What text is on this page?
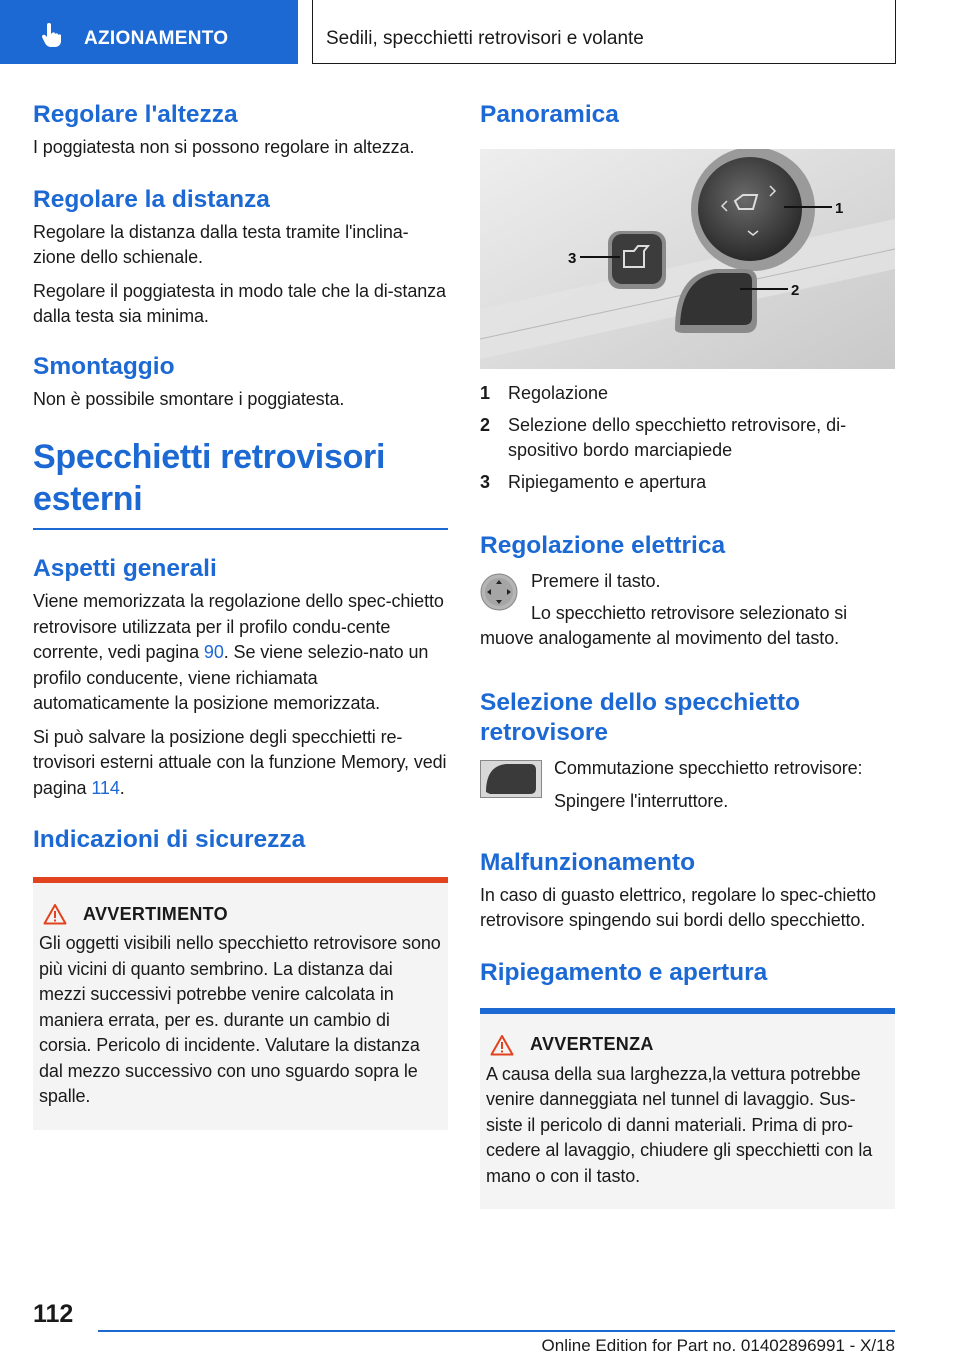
AZIONAMENTO	Sedili, specchietti retrovisori e volante
Regolare l'altezza

I poggiatesta non si possono regolare in altezza.

Regolare la distanza

Regolare la distanza dalla testa tramite l'inclina-zione dello schienale.

Regolare il poggiatesta in modo tale che la di-stanza dalla testa sia minima.

Smontaggio

Non è possibile smontare i poggiatesta.

Specchietti retrovisori esterni
Aspetti generali

Viene memorizzata la regolazione dello spec-chietto retrovisore utilizzata per il profilo condu-cente corrente, vedi pagina 90. Se viene selezio-nato un profilo conducente, viene richiamata automaticamente la posizione memorizzata.

Si può salvare la posizione degli specchietti re-trovisori esterni attuale con la funzione Memory, vedi pagina 114.

Indicazioni di sicurezza
AVVERTIMENTO

Gli oggetti visibili nello specchietto retrovisore sono più vicini di quanto sembrino. La distanza dai mezzi successivi potrebbe venire calcolata in maniera errata, per es. durante un cambio di corsia. Pericolo di incidente. Valutare la distanza dal mezzo successivo con uno sguardo sopra le spalle.

Panoramica
1
2
3
1 Regolazione
2 Selezione dello specchietto retrovisore, di-spositivo bordo marciapiede
3 Ripiegamento e apertura
Regolazione elettrica

Premere il tasto.

Lo specchietto retrovisore selezionato si muove analogamente al movimento del tasto.

Selezione dello specchietto retrovisore

Commutazione specchietto retrovisore:

Spingere l'interruttore.

Malfunzionamento

In caso di guasto elettrico, regolare lo spec-chietto retrovisore spingendo sui bordi dello specchietto.

Ripiegamento e apertura
AVVERTENZA

A causa della sua larghezza,la vettura potrebbe venire danneggiata nel tunnel di lavaggio. Sus-siste il pericolo di danni materiali. Prima di pro-cedere al lavaggio, chiudere gli specchietti con la mano o con il tasto.

112
Online Edition for Part no. 01402896991 - X/18
